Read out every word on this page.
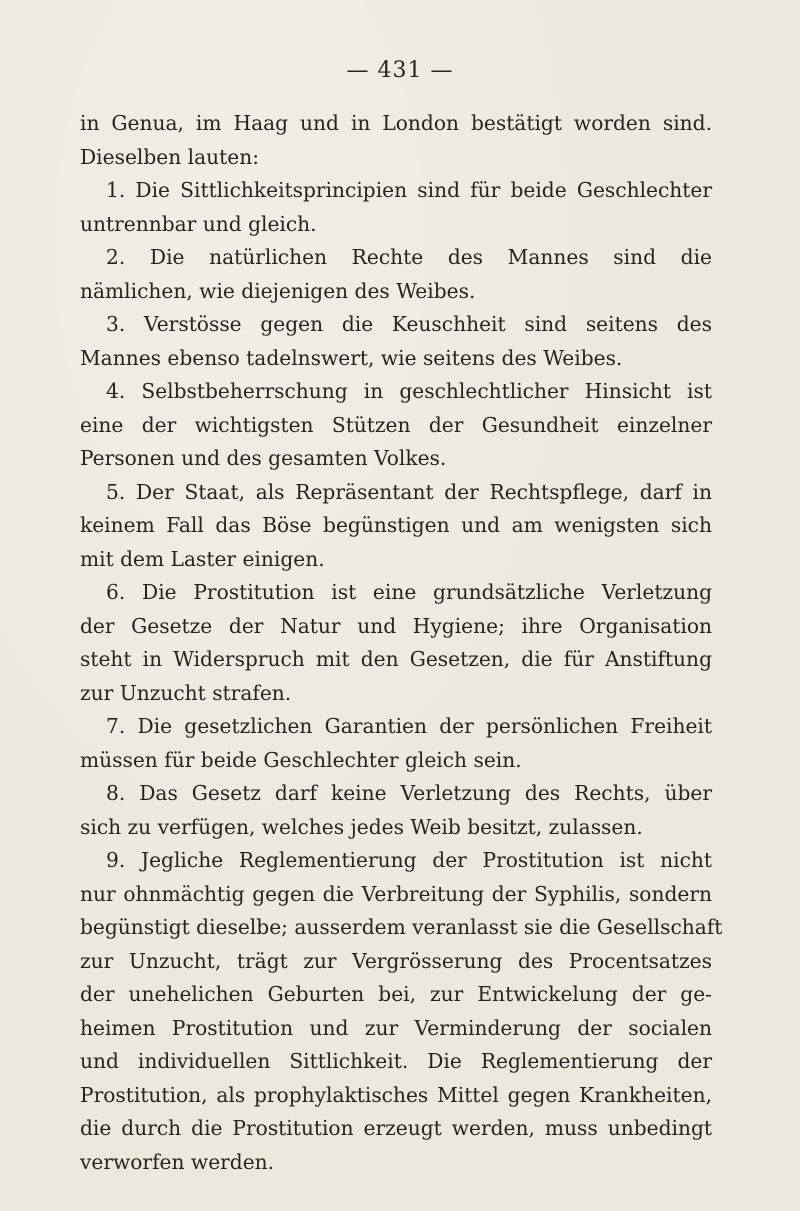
— 431 —
in Genua, im Haag und in London bestätigt worden sind.
Dieselben lauten:
1. Die Sittlichkeitsprincipien sind für beide Geschlechter
untrennbar und gleich.
2. Die natürlichen Rechte des Mannes sind die
nämlichen, wie diejenigen des Weibes.
3. Verstösse gegen die Keuschheit sind seitens des
Mannes ebenso tadelnswert, wie seitens des Weibes.
4. Selbstbeherrschung in geschlechtlicher Hinsicht ist
eine der wichtigsten Stützen der Gesundheit einzelner
Personen und des gesamten Volkes.
5. Der Staat, als Repräsentant der Rechtspflege, darf in
keinem Fall das Böse begünstigen und am wenigsten sich
mit dem Laster einigen.
6. Die Prostitution ist eine grundsätzliche Verletzung
der Gesetze der Natur und Hygiene; ihre Organisation
steht in Widerspruch mit den Gesetzen, die für Anstiftung
zur Unzucht strafen.
7. Die gesetzlichen Garantien der persönlichen Freiheit
müssen für beide Geschlechter gleich sein.
8. Das Gesetz darf keine Verletzung des Rechts, über
sich zu verfügen, welches jedes Weib besitzt, zulassen.
9. Jegliche Reglementierung der Prostitution ist nicht
nur ohnmächtig gegen die Verbreitung der Syphilis, sondern
begünstigt dieselbe; ausserdem veranlasst sie die Gesellschaft
zur Unzucht, trägt zur Vergrösserung des Procentsatzes
der unehelichen Geburten bei, zur Entwickelung der ge-
heimen Prostitution und zur Verminderung der socialen
und individuellen Sittlichkeit. Die Reglementierung der
Prostitution, als prophylaktisches Mittel gegen Krankheiten,
die durch die Prostitution erzeugt werden, muss unbedingt
verworfen werden.
